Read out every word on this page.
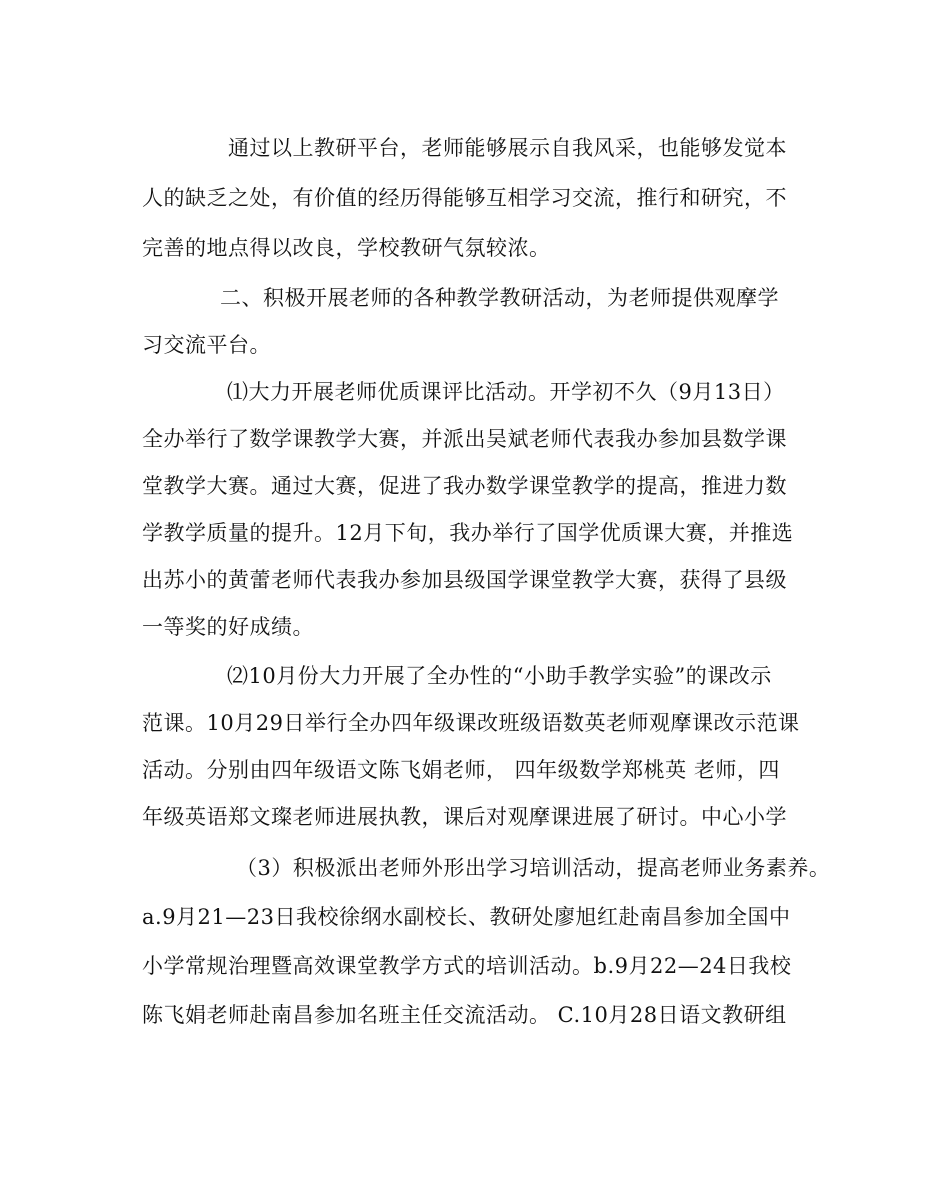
通过以上教研平台，老师能够展示自我风采，也能够发觉本
人的缺乏之处，有价值的经历得能够互相学习交流，推行和研究，不
完善的地点得以改良，学校教研气氛较浓。
二、积极开展老师的各种教学教研活动，为老师提供观摩学
习交流平台。
⑴大力开展老师优质课评比活动。开学初不久（9月13日）
全办举行了数学课教学大赛，并派出吴斌老师代表我办参加县数学课
堂教学大赛。通过大赛，促进了我办数学课堂教学的提高，推进力数
学教学质量的提升。12月下旬，我办举行了国学优质课大赛，并推选
出苏小的黄蕾老师代表我办参加县级国学课堂教学大赛，获得了县级
一等奖的好成绩。
⑵10月份大力开展了全办性的“小助手教学实验”的课改示
范课。10月29日举行全办四年级课改班级语数英老师观摩课改示范课
活动。分别由四年级语文陈飞娟老师， 四年级数学郑桃英 老师，四
年级英语郑文璨老师进展执教，课后对观摩课进展了研讨。中心小学
（3）积极派出老师外形出学习培训活动，提高老师业务素养。
a.9月21—23日我校徐纲水副校长、教研处廖旭红赴南昌参加全国中
小学常规治理暨高效课堂教学方式的培训活动。b.9月22—24日我校
陈飞娟老师赴南昌参加名班主任交流活动。 C.10月28日语文教研组
